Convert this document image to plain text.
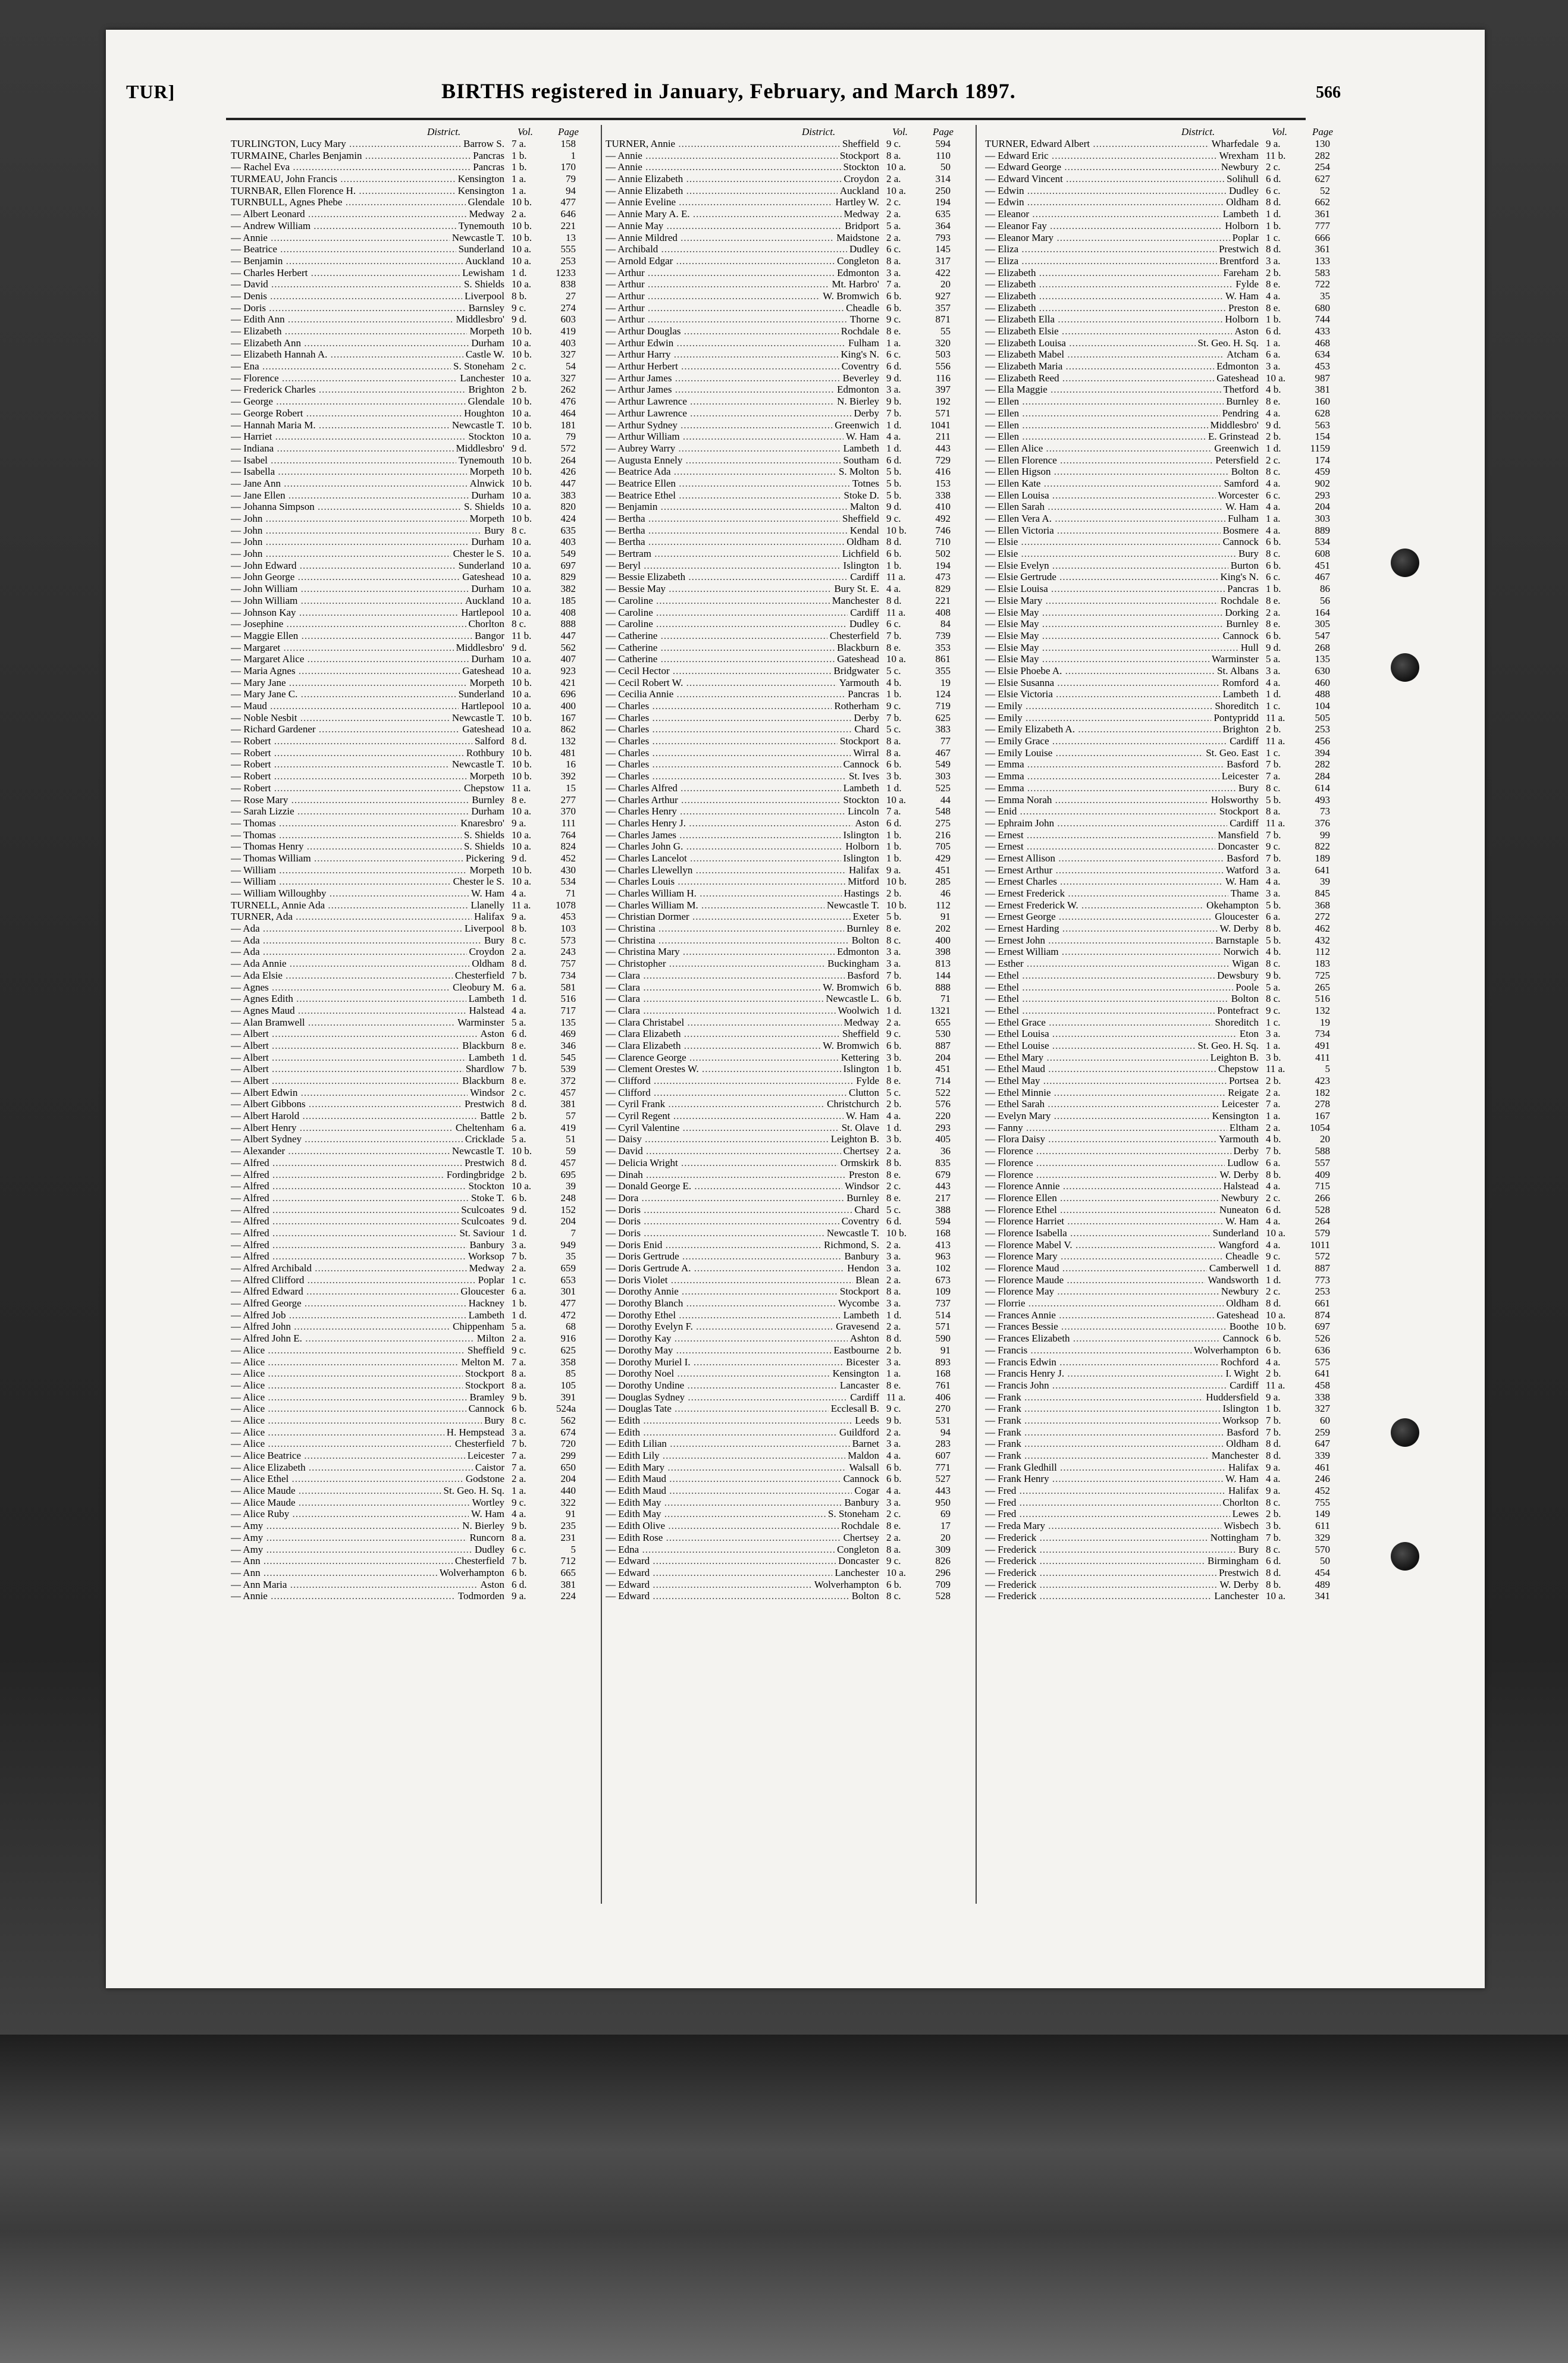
TUR]	BIRTHS registered in January, February, and March 1897.	566
District.	Vol. Page
TURLINGTON, Lucy Mary .....	Barrow S. 7 a.	158
TURMAINE, Charles Benjamin .....	Pancras 1 b.	1
— Rachel Eva .....	Pancras 1 b.	170
TURMEAU, John Francis .....	Kensington 1 a.	79
TURNBAR, Ellen Florence H. .....	Kensington 1 a.	94
TURNBULL, Agnes Phebe .....	Glendale 10 b.	477
— Albert Leonard .....	Medway 2 a.	646
— Andrew William .....	Tynemouth 10 b.	221
— Annie .....	Newcastle T. 10 b.	13
— Beatrice .....	Sunderland 10 a.	555
— Benjamin .....	Auckland 10 a.	253
— Charles Herbert .....	Lewisham 1 d.	1233
— David .....	S. Shields 10 a.	838
— Denis .....	Liverpool 8 b.	27
— Doris .....	Barnsley 9 c.	274
— Edith Ann .....	Middlesbro' 9 d.	603
— Elizabeth .....	Morpeth 10 b.	419
— Elizabeth Ann .....	Durham 10 a.	403
— Elizabeth Hannah A. .....	Castle W. 10 b.	327
— Ena .....	S. Stoneham 2 c.	54
— Florence .....	Lanchester 10 a.	327
— Frederick Charles .....	Brighton 2 b.	262
— George .....	Glendale 10 b.	476
— George Robert .....	Houghton 10 a.	464
— Hannah Maria M. .....	Newcastle T. 10 b.	181
— Harriet .....	Stockton 10 a.	79
— Indiana .....	Middlesbro' 9 d.	572
— Isabel .....	Tynemouth 10 b.	264
— Isabella .....	Morpeth 10 b.	426
— Jane Ann .....	Alnwick 10 b.	447
— Jane Ellen .....	Durham 10 a.	383
— Johanna Simpson .....	S. Shields 10 a.	820
— John .....	Morpeth 10 b.	424
— John .....	Bury 8 c.	635
— John .....	Durham 10 a.	403
— John .....	Chester le S. 10 a.	549
— John Edward .....	Sunderland 10 a.	697
— John George .....	Gateshead 10 a.	829
— John William .....	Durham 10 a.	382
— John William .....	Auckland 10 a.	185
— Johnson Kay .....	Hartlepool 10 a.	408
— Josephine .....	Chorlton 8 c.	888
— Maggie Ellen .....	Bangor 11 b.	447
— Margaret .....	Middlesbro' 9 d.	562
— Margaret Alice .....	Durham 10 a.	407
— Maria Agnes .....	Gateshead 10 a.	923
— Mary Jane .....	Morpeth 10 b.	421
— Mary Jane C. .....	Sunderland 10 a.	696
— Maud .....	Hartlepool 10 a.	400
— Noble Nesbit .....	Newcastle T. 10 b.	167
— Richard Gardener .....	Gateshead 10 a.	862
— Robert .....	Salford 8 d.	132
— Robert .....	Rothbury 10 b.	481
— Robert .....	Newcastle T. 10 b.	16
— Robert .....	Morpeth 10 b.	392
— Robert .....	Chepstow 11 a.	15
— Rose Mary .....	Burnley 8 e.	277
— Sarah Lizzie .....	Durham 10 a.	370
— Thomas .....	Knaresbro' 9 a.	111
— Thomas .....	S. Shields 10 a.	764
— Thomas Henry .....	S. Shields 10 a.	824
— Thomas William .....	Pickering 9 d.	452
— William .....	Morpeth 10 b.	430
— William .....	Chester le S. 10 a.	534
— William Willoughby .....	W. Ham 4 a.	71
TURNELL, Annie Ada .....	Llanelly 11 a.	1078
TURNER, Ada .....	Halifax 9 a.	453
— Ada .....	Liverpool 8 b.	103
— Ada .....	Bury 8 c.	573
— Ada .....	Croydon 2 a.	243
— Ada Annie .....	Oldham 8 d.	757
— Ada Elsie .....	Chesterfield 7 b.	734
— Agnes .....	Cleobury M. 6 a.	581
— Agnes Edith .....	Lambeth 1 d.	516
— Agnes Maud .....	Halstead 4 a.	717
— Alan Bramwell .....	Warminster 5 a.	135
— Albert .....	Aston 6 d.	469
— Albert .....	Blackburn 8 e.	346
— Albert .....	Lambeth 1 d.	545
— Albert .....	Shardlow 7 b.	539
— Albert .....	Blackburn 8 e.	372
— Albert Edwin .....	Windsor 2 c.	457
— Albert Gibbons .....	Prestwich 8 d.	381
— Albert Harold .....	Battle 2 b.	57
— Albert Henry .....	Cheltenham 6 a.	419
— Albert Sydney .....	Cricklade 5 a.	51
— Alexander .....	Newcastle T. 10 b.	59
— Alfred .....	Prestwich 8 d.	457
— Alfred .....	Fordingbridge 2 b.	695
— Alfred .....	Stockton 10 a.	39
— Alfred .....	Stoke T. 6 b.	248
— Alfred .....	Sculcoates 9 d.	152
— Alfred .....	Sculcoates 9 d.	204
— Alfred .....	St. Saviour 1 d.	7
— Alfred .....	Banbury 3 a.	949
— Alfred .....	Worksop 7 b.	35
— Alfred Archibald .....	Medway 2 a.	659
— Alfred Clifford .....	Poplar 1 c.	653
— Alfred Edward .....	Gloucester 6 a.	301
— Alfred George .....	Hackney 1 b.	477
— Alfred Job .....	Lambeth 1 d.	472
— Alfred John .....	Chippenham 5 a.	68
— Alfred John E. .....	Milton 2 a.	916
— Alice .....	Sheffield 9 c.	625
— Alice .....	Melton M. 7 a.	358
— Alice .....	Stockport 8 a.	85
— Alice .....	Stockport 8 a.	105
— Alice .....	Bramley 9 b.	391
— Alice .....	Cannock 6 b.	524a
— Alice .....	Bury 8 c.	562
— Alice .....	H. Hempstead 3 a.	674
— Alice .....	Chesterfield 7 b.	720
— Alice Beatrice .....	Leicester 7 a.	299
— Alice Elizabeth .....	Caistor 7 a.	650
— Alice Ethel .....	Godstone 2 a.	204
— Alice Maude .....	St. Geo. H. Sq. 1 a.	440
— Alice Maude .....	Wortley 9 c.	322
— Alice Ruby .....	W. Ham 4 a.	91
— Amy .....	N. Bierley 9 b.	235
— Amy .....	Runcorn 8 a.	231
— Amy .....	Dudley 6 c.	5
— Ann .....	Chesterfield 7 b.	712
— Ann .....	Wolverhampton 6 b.	665
— Ann Maria .....	Aston 6 d.	381
— Annie .....	Todmorden 9 a.	224
District.	Vol. Page
TURNER, Annie .....	Sheffield 9 c.	594
— Annie .....	Stockport 8 a.	110
— Annie .....	Stockton 10 a.	50
— Annie Elizabeth .....	Croydon 2 a.	314
— Annie Elizabeth .....	Auckland 10 a.	250
— Annie Eveline .....	Hartley W. 2 c.	194
— Annie Mary A. E. .....	Medway 2 a.	635
— Annie May .....	Bridport 5 a.	364
— Annie Mildred .....	Maidstone 2 a.	793
— Archibald .....	Dudley 6 c.	145
— Arnold Edgar .....	Congleton 8 a.	317
— Arthur .....	Edmonton 3 a.	422
— Arthur .....	Mt. Harbro' 7 a.	20
— Arthur .....	W. Bromwich 6 b.	927
— Arthur .....	Cheadle 6 b.	357
— Arthur .....	Thorne 9 c.	871
— Arthur Douglas .....	Rochdale 8 e.	55
— Arthur Edwin .....	Fulham 1 a.	320
— Arthur Harry .....	King's N. 6 c.	503
— Arthur Herbert .....	Coventry 6 d.	556
— Arthur James .....	Beverley 9 d.	116
— Arthur James .....	Edmonton 3 a.	397
— Arthur Lawrence .....	N. Bierley 9 b.	192
— Arthur Lawrence .....	Derby 7 b.	571
— Arthur Sydney .....	Greenwich 1 d.	1041
— Arthur William .....	W. Ham 4 a.	211
— Aubrey Warry .....	Lambeth 1 d.	443
— Augusta Ennely .....	Southam 6 d.	729
— Beatrice Ada .....	S. Molton 5 b.	416
— Beatrice Ellen .....	Totnes 5 b.	153
— Beatrice Ethel .....	Stoke D. 5 b.	338
— Benjamin .....	Malton 9 d.	410
— Bertha .....	Sheffield 9 c.	492
— Bertha .....	Kendal 10 b.	746
— Bertha .....	Oldham 8 d.	710
— Bertram .....	Lichfield 6 b.	502
— Beryl .....	Islington 1 b.	194
— Bessie Elizabeth .....	Cardiff 11 a.	473
— Bessie May .....	Bury St. E. 4 a.	829
— Caroline .....	Manchester 8 d.	221
— Caroline .....	Cardiff 11 a.	408
— Caroline .....	Dudley 6 c.	84
— Catherine .....	Chesterfield 7 b.	739
— Catherine .....	Blackburn 8 e.	353
— Catherine .....	Gateshead 10 a.	861
— Cecil Hector .....	Bridgwater 5 c.	355
— Cecil Robert W. .....	Yarmouth 4 b.	19
— Cecilia Annie .....	Pancras 1 b.	124
— Charles .....	Rotherham 9 c.	719
— Charles .....	Derby 7 b.	625
— Charles .....	Chard 5 c.	383
— Charles .....	Stockport 8 a.	77
— Charles .....	Wirral 8 a.	467
— Charles .....	Cannock 6 b.	549
— Charles .....	St. Ives 3 b.	303
— Charles Alfred .....	Lambeth 1 d.	525
— Charles Arthur .....	Stockton 10 a.	44
— Charles Henry .....	Lincoln 7 a.	548
— Charles Henry J. .....	Aston 6 d.	275
— Charles James .....	Islington 1 b.	216
— Charles John G. .....	Holborn 1 b.	705
— Charles Lancelot .....	Islington 1 b.	429
— Charles Llewellyn .....	Halifax 9 a.	451
— Charles Louis .....	Mitford 10 b.	285
— Charles William H. .....	Hastings 2 b.	46
— Charles William M. .....	Newcastle T. 10 b.	112
— Christian Dormer .....	Exeter 5 b.	91
— Christina .....	Burnley 8 e.	202
— Christina .....	Bolton 8 c.	400
— Christina Mary .....	Edmonton 3 a.	398
— Christopher .....	Buckingham 3 a.	813
— Clara .....	Basford 7 b.	144
— Clara .....	W. Bromwich 6 b.	888
— Clara .....	Newcastle L. 6 b.	71
— Clara .....	Woolwich 1 d.	1321
— Clara Christabel .....	Medway 2 a.	655
— Clara Elizabeth .....	Sheffield 9 c.	530
— Clara Elizabeth .....	W. Bromwich 6 b.	887
— Clarence George .....	Kettering 3 b.	204
— Clement Orestes W. .....	Islington 1 b.	451
— Clifford .....	Fylde 8 e.	714
— Clifford .....	Clutton 5 c.	522
— Cyril Frank .....	Christchurch 2 b.	576
— Cyril Regent .....	W. Ham 4 a.	220
— Cyril Valentine .....	St. Olave 1 d.	293
— Daisy .....	Leighton B. 3 b.	405
— David .....	Chertsey 2 a.	36
— Delicia Wright .....	Ormskirk 8 b.	835
— Dinah .....	Preston 8 e.	679
— Donald George E. .....	Windsor 2 c.	443
— Dora .....	Burnley 8 e.	217
— Doris .....	Chard 5 c.	388
— Doris .....	Coventry 6 d.	594
— Doris .....	Newcastle T. 10 b.	168
— Doris Enid .....	Richmond, S. 2 a.	413
— Doris Gertrude .....	Banbury 3 a.	963
— Doris Gertrude A. .....	Hendon 3 a.	102
— Doris Violet .....	Blean 2 a.	673
— Dorothy Annie .....	Stockport 8 a.	109
— Dorothy Blanch .....	Wycombe 3 a.	737
— Dorothy Ethel .....	Lambeth 1 d.	514
— Dorothy Evelyn F. .....	Gravesend 2 a.	571
— Dorothy Kay .....	Ashton 8 d.	590
— Dorothy May .....	Eastbourne 2 b.	91
— Dorothy Muriel I. .....	Bicester 3 a.	893
— Dorothy Noel .....	Kensington 1 a.	168
— Dorothy Undine .....	Lancaster 8 e.	761
— Douglas Sydney .....	Cardiff 11 a.	406
— Douglas Tate .....	Ecclesall B. 9 c.	270
— Edith .....	Leeds 9 b.	531
— Edith .....	Guildford 2 a.	94
— Edith Lilian .....	Barnet 3 a.	283
— Edith Lily .....	Maldon 4 a.	607
— Edith Mary .....	Walsall 6 b.	771
— Edith Maud .....	Cannock 6 b.	527
— Edith Maud .....	Cogar 4 a.	443
— Edith May .....	Banbury 3 a.	950
— Edith May .....	S. Stoneham 2 c.	69
— Edith Olive .....	Rochdale 8 e.	17
— Edith Rose .....	Chertsey 2 a.	20
— Edna .....	Congleton 8 a.	309
— Edward .....	Doncaster 9 c.	826
— Edward .....	Lanchester 10 a.	296
— Edward .....	Wolverhampton 6 b.	709
— Edward .....	Bolton 8 c.	528
District.	Vol. Page
TURNER, Edward Albert .....	Wharfedale 9 a.	130
— Edward Eric .....	Wrexham 11 b.	282
— Edward George .....	Newbury 2 c.	254
— Edward Vincent .....	Solihull 6 d.	627
— Edwin .....	Dudley 6 c.	52
— Edwin .....	Oldham 8 d.	662
— Eleanor .....	Lambeth 1 d.	361
— Eleanor Fay .....	Holborn 1 b.	777
— Eleanor Mary .....	Poplar 1 c.	666
— Eliza .....	Prestwich 8 d.	361
— Eliza .....	Brentford 3 a.	133
— Elizabeth .....	Fareham 2 b.	583
— Elizabeth .....	Fylde 8 e.	722
— Elizabeth .....	W. Ham 4 a.	35
— Elizabeth .....	Preston 8 e.	680
— Elizabeth Ella .....	Holborn 1 b.	744
— Elizabeth Elsie .....	Aston 6 d.	433
— Elizabeth Louisa .....	St. Geo. H. Sq. 1 a.	468
— Elizabeth Mabel .....	Atcham 6 a.	634
— Elizabeth Maria .....	Edmonton 3 a.	453
— Elizabeth Reed .....	Gateshead 10 a.	987
— Ella Maggie .....	Thetford 4 b.	381
— Ellen .....	Burnley 8 e.	160
— Ellen .....	Pendring 4 a.	628
— Ellen .....	Middlesbro' 9 d.	563
— Ellen .....	E. Grinstead 2 b.	154
— Ellen Alice .....	Greenwich 1 d.	1159
— Ellen Florence .....	Petersfield 2 c.	174
— Ellen Higson .....	Bolton 8 c.	459
— Ellen Kate .....	Samford 4 a.	902
— Ellen Louisa .....	Worcester 6 c.	293
— Ellen Sarah .....	W. Ham 4 a.	204
— Ellen Vera A. .....	Fulham 1 a.	303
— Ellen Victoria .....	Bosmere 4 a.	889
— Elsie .....	Cannock 6 b.	534
— Elsie .....	Bury 8 c.	608
— Elsie Evelyn .....	Burton 6 b.	451
— Elsie Gertrude .....	King's N. 6 c.	467
— Elsie Louisa .....	Pancras 1 b.	86
— Elsie Mary .....	Rochdale 8 e.	56
— Elsie May .....	Dorking 2 a.	164
— Elsie May .....	Burnley 8 e.	305
— Elsie May .....	Cannock 6 b.	547
— Elsie May .....	Hull 9 d.	268
— Elsie May .....	Warminster 5 a.	135
— Elsie Phoebe A. .....	St. Albans 3 a.	630
— Elsie Susanna .....	Romford 4 a.	460
— Elsie Victoria .....	Lambeth 1 d.	488
— Emily .....	Shoreditch 1 c.	104
— Emily .....	Pontypridd 11 a.	505
— Emily Elizabeth A. .....	Brighton 2 b.	253
— Emily Grace .....	Cardiff 11 a.	456
— Emily Louise .....	St. Geo. East 1 c.	394
— Emma .....	Basford 7 b.	282
— Emma .....	Leicester 7 a.	284
— Emma .....	Bury 8 c.	614
— Emma Norah .....	Holsworthy 5 b.	493
— Enid .....	Stockport 8 a.	73
— Ephraim John .....	Cardiff 11 a.	376
— Ernest .....	Mansfield 7 b.	99
— Ernest .....	Doncaster 9 c.	822
— Ernest Allison .....	Basford 7 b.	189
— Ernest Arthur .....	Watford 3 a.	641
— Ernest Charles .....	W. Ham 4 a.	39
— Ernest Frederick .....	Thame 3 a.	845
— Ernest Frederick W. .....	Okehampton 5 b.	368
— Ernest George .....	Gloucester 6 a.	272
— Ernest Harding .....	W. Derby 8 b.	462
— Ernest John .....	Barnstaple 5 b.	432
— Ernest William .....	Norwich 4 b.	112
— Esther .....	Wigan 8 c.	183
— Ethel .....	Dewsbury 9 b.	725
— Ethel .....	Poole 5 a.	265
— Ethel .....	Bolton 8 c.	516
— Ethel .....	Pontefract 9 c.	132
— Ethel Grace .....	Shoreditch 1 c.	19
— Ethel Louisa .....	Eton 3 a.	734
— Ethel Louise .....	St. Geo. H. Sq. 1 a.	491
— Ethel Mary .....	Leighton B. 3 b.	411
— Ethel Maud .....	Chepstow 11 a.	5
— Ethel May .....	Portsea 2 b.	423
— Ethel Minnie .....	Reigate 2 a.	182
— Ethel Sarah .....	Leicester 7 a.	278
— Evelyn Mary .....	Kensington 1 a.	167
— Fanny .....	Eltham 2 a.	1054
— Flora Daisy .....	Yarmouth 4 b.	20
— Florence .....	Derby 7 b.	588
— Florence .....	Ludlow 6 a.	557
— Florence .....	W. Derby 8 b.	409
— Florence Annie .....	Halstead 4 a.	715
— Florence Ellen .....	Newbury 2 c.	266
— Florence Ethel .....	Nuneaton 6 d.	528
— Florence Harriet .....	W. Ham 4 a.	264
— Florence Isabella .....	Sunderland 10 a.	579
— Florence Mabel V. .....	Wangford 4 a.	1011
— Florence Mary .....	Cheadle 9 c.	572
— Florence Maud .....	Camberwell 1 d.	887
— Florence Maude .....	Wandsworth 1 d.	773
— Florence May .....	Newbury 2 c.	253
— Florrie .....	Oldham 8 d.	661
— Frances Annie .....	Gateshead 10 a.	874
— Frances Bessie .....	Boothe 10 b.	697
— Frances Elizabeth .....	Cannock 6 b.	526
— Francis .....	Wolverhampton 6 b.	636
— Francis Edwin .....	Rochford 4 a.	575
— Francis Henry J. .....	I. Wight 2 b.	641
— Francis John .....	Cardiff 11 a.	458
— Frank .....	Huddersfield 9 a.	338
— Frank .....	Islington 1 b.	327
— Frank .....	Worksop 7 b.	60
— Frank .....	Basford 7 b.	259
— Frank .....	Oldham 8 d.	647
— Frank .....	Manchester 8 d.	339
— Frank Gledhill .....	Halifax 9 a.	461
— Frank Henry .....	W. Ham 4 a.	246
— Fred .....	Halifax 9 a.	452
— Fred .....	Chorlton 8 c.	755
— Fred .....	Lewes 2 b.	149
— Freda Mary .....	Wisbech 3 b.	611
— Frederick .....	Nottingham 7 b.	329
— Frederick .....	Bury 8 c.	570
— Frederick .....	Birmingham 6 d.	50
— Frederick .....	Prestwich 8 d.	454
— Frederick .....	W. Derby 8 b.	489
— Frederick .....	Lanchester 10 a.	341
